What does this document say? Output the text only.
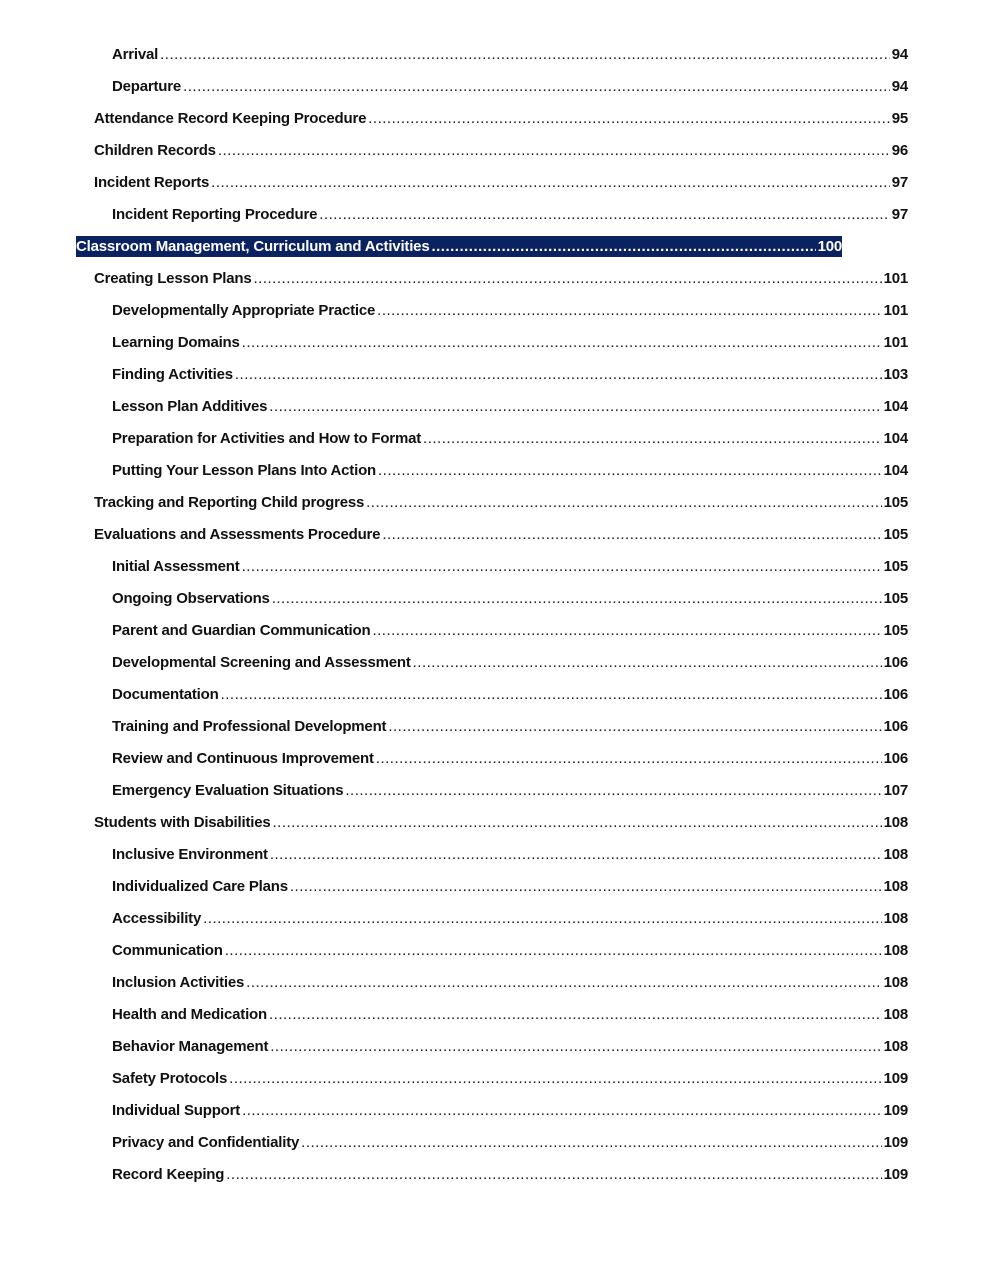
Arrival .....	94
Departure .....	94
Attendance Record Keeping Procedure .....	95
Children Records .....	96
Incident Reports .....	97
Incident Reporting Procedure .....	97
Classroom Management, Curriculum and Activities .....	100
Creating Lesson Plans .....	101
Developmentally Appropriate Practice .....	101
Learning Domains .....	101
Finding Activities .....	103
Lesson Plan Additives .....	104
Preparation for Activities and How to Format .....	104
Putting Your Lesson Plans Into Action .....	104
Tracking and Reporting Child progress .....	105
Evaluations and Assessments Procedure .....	105
Initial Assessment .....	105
Ongoing Observations .....	105
Parent and Guardian Communication .....	105
Developmental Screening and Assessment .....	106
Documentation .....	106
Training and Professional Development .....	106
Review and Continuous Improvement .....	106
Emergency Evaluation Situations .....	107
Students with Disabilities .....	108
Inclusive Environment .....	108
Individualized Care Plans .....	108
Accessibility .....	108
Communication .....	108
Inclusion Activities .....	108
Health and Medication .....	108
Behavior Management .....	108
Safety Protocols .....	109
Individual Support .....	109
Privacy and Confidentiality .....	109
Record Keeping .....	109
